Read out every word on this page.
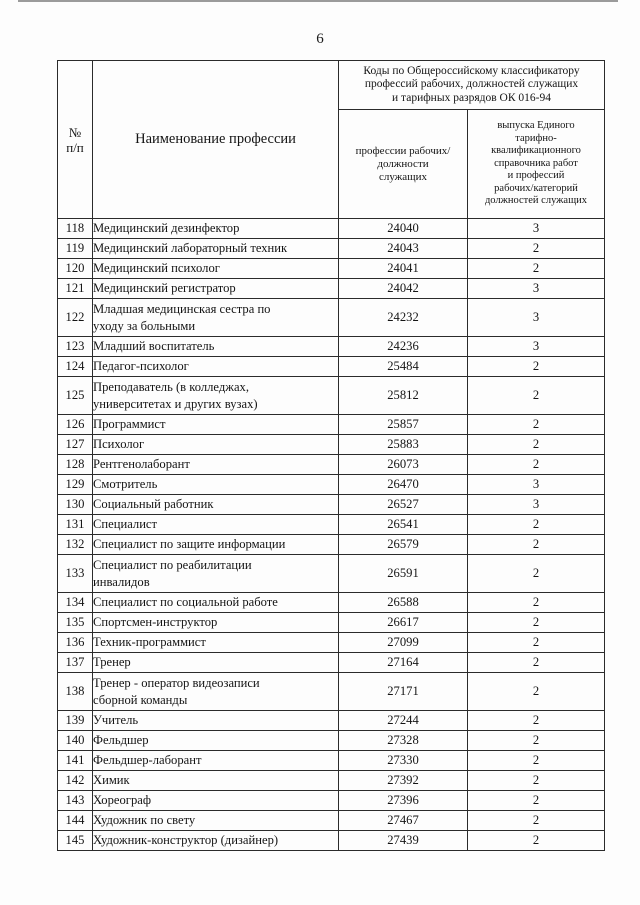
6
№
п/п	Наименование профессии	Коды по Общероссийскому классификатору
профессий рабочих, должностей служащих
и тарифных разрядов ОК 016-94	
профессии рабочих/
должности
служащих	выпуска Единого
тарифно-
квалификационного
справочника работ
и профессий
рабочих/категорий
должностей служащих
118	Медицинский дезинфектор	24040	3
119	Медицинский лабораторный техник	24043	2
120	Медицинский психолог	24041	2
121	Медицинский регистратор	24042	3
122	Младшая медицинская сестра по
уходу за больными	24232	3
123	Младший воспитатель	24236	3
124	Педагог-психолог	25484	2
125	Преподаватель (в колледжах,
университетах и других вузах)	25812	2
126	Программист	25857	2
127	Психолог	25883	2
128	Рентгенолаборант	26073	2
129	Смотритель	26470	3
130	Социальный работник	26527	3
131	Специалист	26541	2
132	Специалист по защите информации	26579	2
133	Специалист по реабилитации
инвалидов	26591	2
134	Специалист по социальной работе	26588	2
135	Спортсмен-инструктор	26617	2
136	Техник-программист	27099	2
137	Тренер	27164	2
138	Тренер - оператор видеозаписи
сборной команды	27171	2
139	Учитель	27244	2
140	Фельдшер	27328	2
141	Фельдшер-лаборант	27330	2
142	Химик	27392	2
143	Хореограф	27396	2
144	Художник по свету	27467	2
145	Художник-конструктор (дизайнер)	27439	2
